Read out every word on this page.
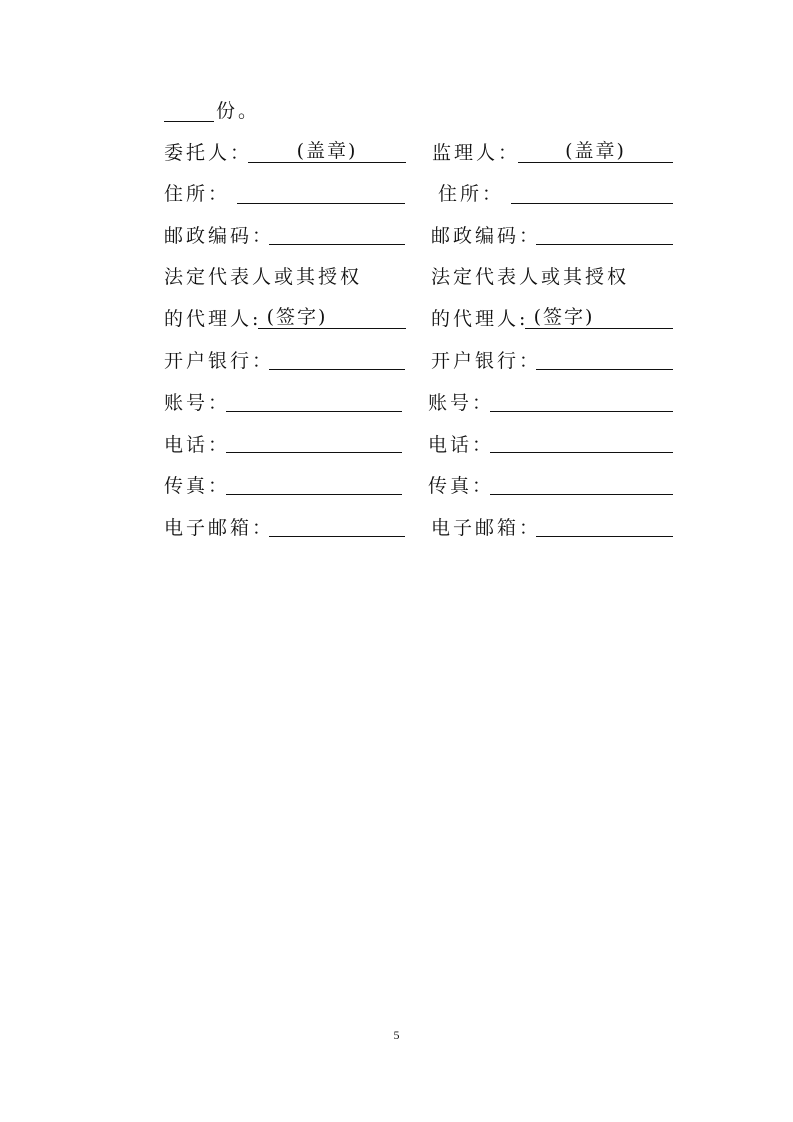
份。
委托人：	(盖章)	监理人：	(盖章)
住所：	住所：
邮政编码：	邮政编码：
法定代表人或其授权	法定代表人或其授权
的代理人: (签字)	的代理人: (签字)
开户银行：	开户银行：
账号：	账号：
电话：	电话：
传真：	传真：
电子邮箱：	电子邮箱：
5
